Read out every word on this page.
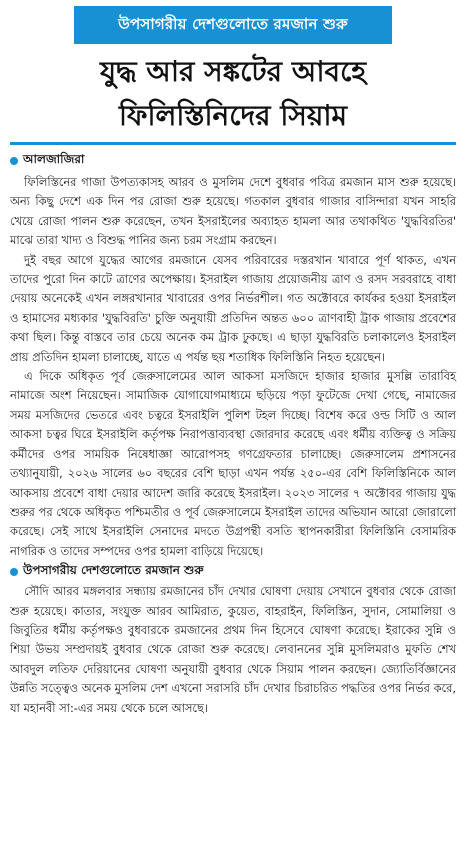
উপসাগরীয় দেশগুলোতে রমজান শুরু
যুদ্ধ আর সঙ্কটের আবহে
ফিলিস্তিনিদের সিয়াম
আলজাজিরা

ফিলিস্তিনের গাজা উপত্যকাসহ আরব ও মুসলিম দেশে বুধবার পবিত্র রমজান মাস শুরু হয়েছে। অন্য কিছু দেশে এক দিন পর রোজা শুরু হয়েছে। গতকাল বুধবার গাজার বাসিন্দারা যখন সাহরি খেয়ে রোজা পালন শুরু করেছেন, তখন ইসরাইলের অব্যাহত হামলা আর তথাকথিত 'যুদ্ধবিরতির' মাঝে তারা খাদ্য ও বিশুদ্ধ পানির জন্য চরম সংগ্রাম করছেন।

দুই বছর আগে যুদ্ধের আগের রমজানে যেসব পরিবারের দস্তরখান খাবারে পূর্ণ থাকত, এখন তাদের পুরো দিন কাটে ত্রাণের অপেক্ষায়। ইসরাইল গাজায় প্রয়োজনীয় ত্রাণ ও রসদ সরবরাহে বাধা দেয়ায় অনেকেই এখন লঙ্গরখানার খাবারের ওপর নির্ভরশীল। গত অক্টোবরে কার্যকর হওয়া ইসরাইল ও হামাসের মধ্যকার 'যুদ্ধবিরতি' চুক্তি অনুযায়ী প্রতিদিন অন্তত ৬০০ ত্রাণবাহী ট্রাক গাজায় প্রবেশের কথা ছিল। কিন্তু বাস্তবে তার চেয়ে অনেক কম ট্রাক ঢুকছে। এ ছাড়া যুদ্ধবিরতি চলাকালেও ইসরাইল প্রায় প্রতিদিন হামলা চালাচ্ছে, যাতে এ পর্যন্ত ছয় শতাধিক ফিলিস্তিনি নিহত হয়েছেন।

এ দিকে অধিকৃত পূর্ব জেরুসালেমের আল আকসা মসজিদে হাজার হাজার মুসল্লি তারাবিহ নামাজে অংশ নিয়েছেন। সামাজিক যোগাযোগমাধ্যমে ছড়িয়ে পড়া ফুটেজে দেখা গেছে, নামাজের সময় মসজিদের ভেতরে এবং চত্বরে ইসরাইলি পুলিশ টহল দিচ্ছে। বিশেষ করে ওল্ড সিটি ও আল আকসা চত্বর ঘিরে ইসরাইলি কর্তৃপক্ষ নিরাপত্তাব্যবস্থা জোরদার করেছে এবং ধর্মীয় ব্যক্তিত্ব ও সক্রিয় কর্মীদের ওপর সাময়িক নিষেধাজ্ঞা আরোপসহ গণগ্রেফতার চালাচ্ছে। জেরুসালেম প্রশাসনের তথ্যানুযায়ী, ২০২৬ সালের ৬০ বছরের বেশি ছাড়া এখন পর্যন্ত ২৫০-এর বেশি ফিলিস্তিনিকে আল আকসায় প্রবেশে বাধা দেয়ার আদেশ জারি করেছে ইসরাইল। ২০২৩ সালের ৭ অক্টোবর গাজায় যুদ্ধ শুরুর পর থেকে অধিকৃত পশ্চিমতীর ও পূর্ব জেরুসালেমে ইসরাইল তাদের অভিযান আরো জোরালো করেছে। সেই সাথে ইসরাইলি সেনাদের মদতে উগ্রপন্থী বসতি স্থাপনকারীরা ফিলিস্তিনি বেসামরিক নাগরিক ও তাদের সম্পদের ওপর হামলা বাড়িয়ে দিয়েছে।

উপসাগরীয় দেশগুলোতে রমজান শুরু

সৌদি আরব মঙ্গলবার সন্ধ্যায় রমজানের চাঁদ দেখার ঘোষণা দেয়ায় সেখানে বুধবার থেকে রোজা শুরু হয়েছে। কাতার, সংযুক্ত আরব আমিরাত, কুয়েত, বাহরাইন, ফিলিস্তিন, সুদান, সোমালিয়া ও জিবুতির ধর্মীয় কর্তৃপক্ষও বুধবারকে রমজানের প্রথম দিন হিসেবে ঘোষণা করেছে। ইরাকের সুন্নি ও শিয়া উভয় সম্প্রদায়ই বুধবার থেকে রোজা শুরু করেছে। লেবাননের সুন্নি মুসলিমরাও মুফতি শেখ আবদুল লতিফ দেরিয়ানের ঘোষণা অনুযায়ী বুধবার থেকে সিয়াম পালন করছেন। জ্যোতির্বিজ্ঞানের উন্নতি সত্ত্বেও অনেক মুসলিম দেশ এখনো সরাসরি চাঁদ দেখার চিরাচরিত পদ্ধতির ওপর নির্ভর করে, যা মহানবী সা:-এর সময় থেকে চলে আসছে।
